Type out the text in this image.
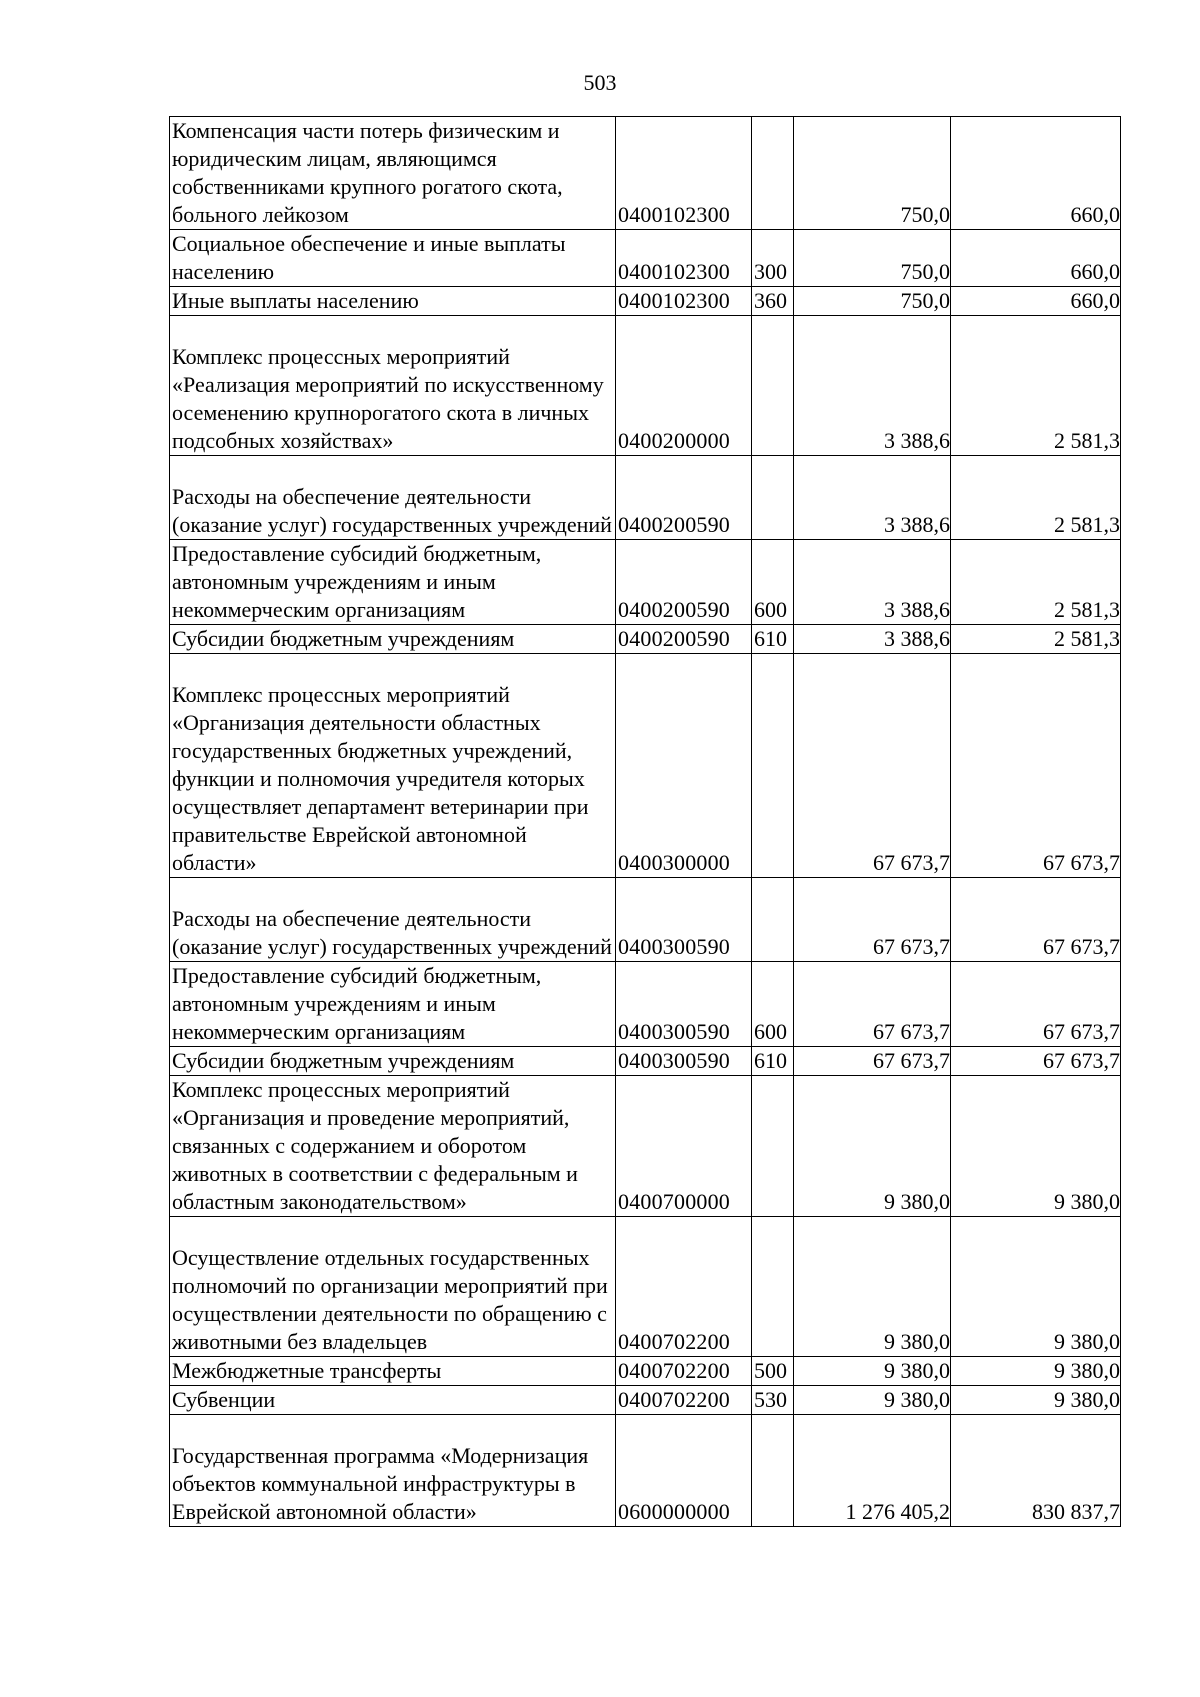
503
Компенсация части потерь физическим и юридическим лицам, являющимся собственниками крупного рогатого скота, больного лейкозом	0400102300		750,0	660,0
Социальное обеспечение и иные выплаты населению	0400102300	300	750,0	660,0
Иные выплаты населению	0400102300	360	750,0	660,0
Комплекс процессных мероприятий «Реализация мероприятий по искусственному осеменению крупнорогатого скота в личных подсобных хозяйствах»	0400200000		3 388,6	2 581,3
Расходы на обеспечение деятельности (оказание услуг) государственных учреждений	0400200590		3 388,6	2 581,3
Предоставление субсидий бюджетным, автономным учреждениям и иным некоммерческим организациям	0400200590	600	3 388,6	2 581,3
Субсидии бюджетным учреждениям	0400200590	610	3 388,6	2 581,3
Комплекс процессных мероприятий «Организация деятельности областных государственных бюджетных учреждений, функции и полномочия учредителя которых осуществляет департамент ветеринарии при правительстве Еврейской автономной области»	0400300000		67 673,7	67 673,7
Расходы на обеспечение деятельности (оказание услуг) государственных учреждений	0400300590		67 673,7	67 673,7
Предоставление субсидий бюджетным, автономным учреждениям и иным некоммерческим организациям	0400300590	600	67 673,7	67 673,7
Субсидии бюджетным учреждениям	0400300590	610	67 673,7	67 673,7
Комплекс процессных мероприятий «Организация и проведение мероприятий, связанных с содержанием и оборотом животных в соответствии с федеральным и областным законодательством»	0400700000		9 380,0	9 380,0
Осуществление отдельных государственных полномочий по организации мероприятий при осуществлении деятельности по обращению с животными без владельцев	0400702200		9 380,0	9 380,0
Межбюджетные трансферты	0400702200	500	9 380,0	9 380,0
Субвенции	0400702200	530	9 380,0	9 380,0
Государственная программа «Модернизация объектов коммунальной инфраструктуры в Еврейской автономной области»	0600000000		1 276 405,2	830 837,7
